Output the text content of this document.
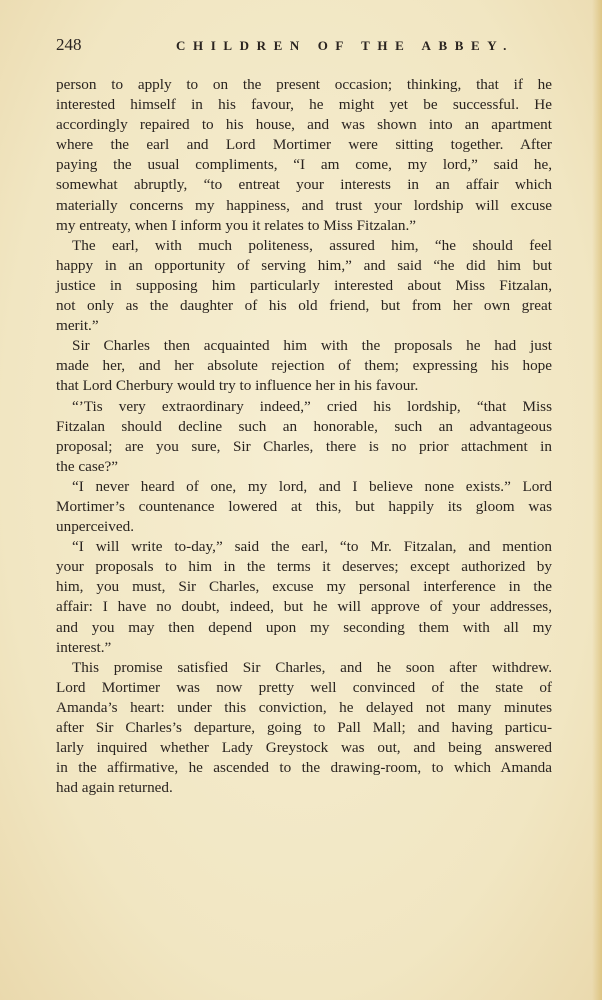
248	CHILDREN OF THE ABBEY.
person to apply to on the present occasion; thinking, that if he
interested himself in his favour, he might yet be successful. He
accordingly repaired to his house, and was shown into an apartment
where the earl and Lord Mortimer were sitting together. After
paying the usual compliments, “I am come, my lord,” said he,
somewhat abruptly, “to entreat your interests in an affair which
materially concerns my happiness, and trust your lordship will excuse
my entreaty, when I inform you it relates to Miss Fitzalan.”
The earl, with much politeness, assured him, “he should feel
happy in an opportunity of serving him,” and said “he did him but
justice in supposing him particularly interested about Miss Fitzalan,
not only as the daughter of his old friend, but from her own great
merit.”
Sir Charles then acquainted him with the proposals he had just
made her, and her absolute rejection of them; expressing his hope
that Lord Cherbury would try to influence her in his favour.
“’Tis very extraordinary indeed,” cried his lordship, “that Miss
Fitzalan should decline such an honorable, such an advantageous
proposal; are you sure, Sir Charles, there is no prior attachment in
the case?”
“I never heard of one, my lord, and I believe none exists.” Lord
Mortimer’s countenance lowered at this, but happily its gloom was
unperceived.
“I will write to-day,” said the earl, “to Mr. Fitzalan, and mention
your proposals to him in the terms it deserves; except authorized by
him, you must, Sir Charles, excuse my personal interference in the
affair: I have no doubt, indeed, but he will approve of your addresses,
and you may then depend upon my seconding them with all my
interest.”
This promise satisfied Sir Charles, and he soon after withdrew.
Lord Mortimer was now pretty well convinced of the state of
Amanda’s heart: under this conviction, he delayed not many minutes
after Sir Charles’s departure, going to Pall Mall; and having particu-
larly inquired whether Lady Greystock was out, and being answered
in the affirmative, he ascended to the drawing-room, to which Amanda
had again returned.
